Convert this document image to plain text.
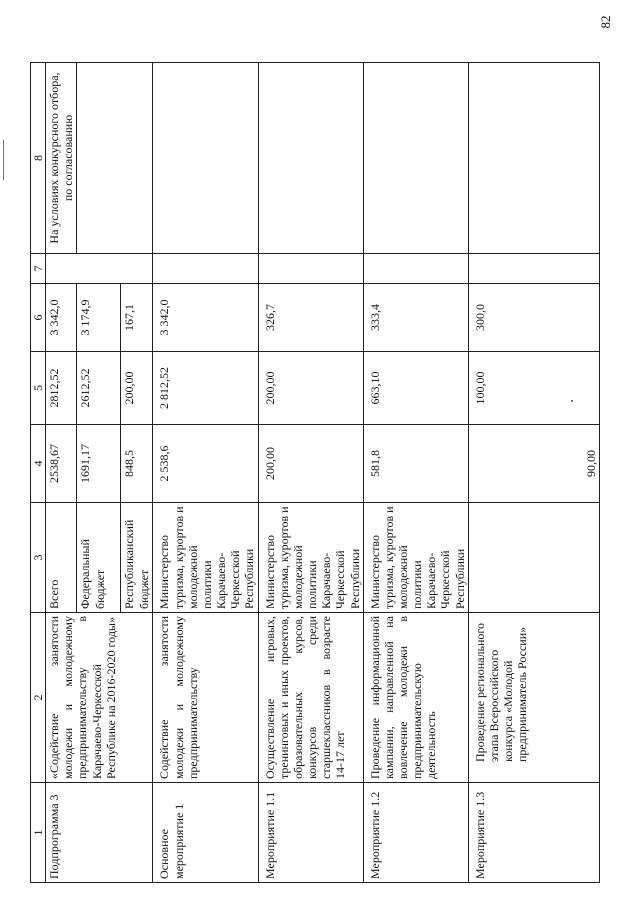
82
1	2	3	4	5	6	7	8
Подпрограмма 3	«Содействие занятости молодежи и молодежному предпринимательству в Карачаево-Черкесской Республике на 2016-2020 годы»	Всего	2538,67	2812,52	3 342,0		На условиях конкурсного отбора, по согласованию
		Федеральный бюджет	1691,17	2612,52	3 174,9		
		Республиканский бюджет	848,5	200,00	167,1		
Основное мероприятие 1	Содействие занятости молодежи и молодежному предпринимательству	Министерство туризма, курортов и молодежной политики Карачаево-Черкесской Республики	2 538,6	2 812,52	3 342,0		
Мероприятие 1.1	Осуществление игровых, тренинговых и иных проектов, образовательных курсов, конкурсов среди старшеклассников в возрасте 14-17 лет	Министерство туризма, курортов и молодежной политики Карачаево-Черкесской Республики	200,00	200,00	326,7		
Мероприятие 1.2	Проведение информационной кампании, направленной на вовлечение молодежи в предпринимательскую деятельность	Министерство туризма, курортов и молодежной политики Карачаево-Черкесской Республики	581,8	663,10	333,4		
Мероприятие 1.3	Проведение регионального этапа Всероссийского конкурса «Молодой предприниматель России»		90,00	100,00	300,0		
